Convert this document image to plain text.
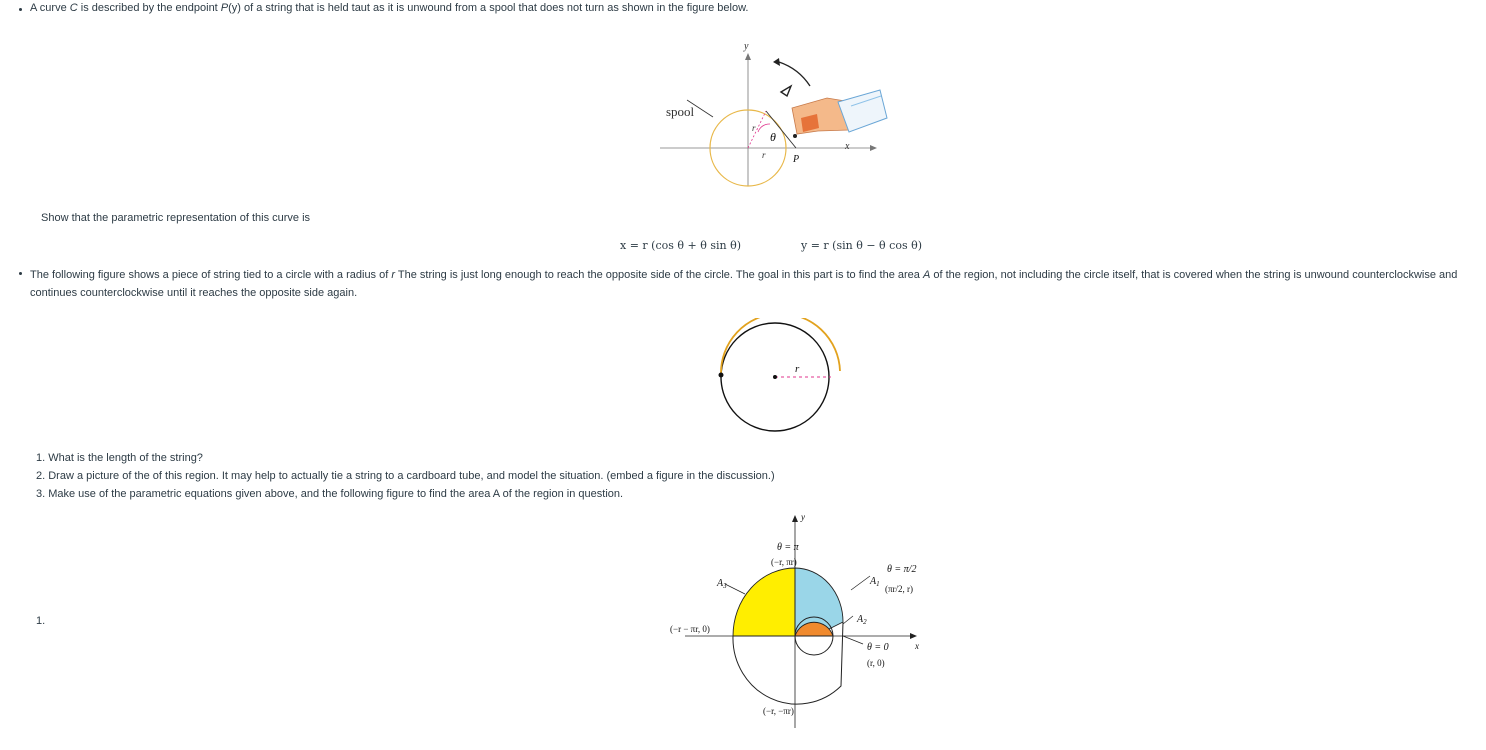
A curve C is described by the endpoint P(y) of a string that is held taut as it is unwound from a spool that does not turn as shown in the figure below.
y
x
spool
r
r
θ
P
Show that the parametric representation of this curve is
x = r (cos θ + θ sin θ)	y = r (sin θ − θ cos θ)
The following figure shows a piece of string tied to a circle with a radius of r The string is just long enough to reach the opposite side of the circle. The goal in this part is to find the area A of the region, not including the circle itself, that is covered when the string is unwound counterclockwise and continues counterclockwise until it reaches the opposite side again.
r
1. What is the length of the string?
2. Draw a picture of the of this region. It may help to actually tie a string to a cardboard tube, and model the situation. (embed a figure in the discussion.)
3. Make use of the parametric equations given above, and the following figure to find the area A of the region in question.
1.
y
x
θ = π
(−r, πr)
$A_3$	$A_1$
$A_2$
θ = π/2
(πr/2, r)
(−r − πr, 0)
θ = 0
(r, 0)
(−r, −πr)
